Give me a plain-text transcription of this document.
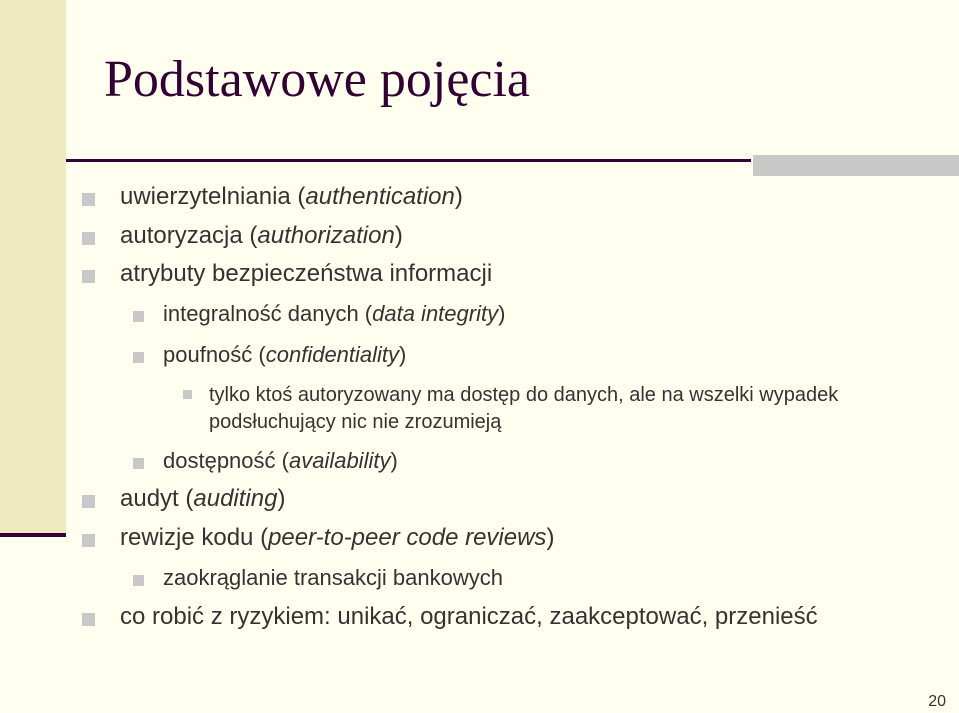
Podstawowe pojęcia
uwierzytelniania (authentication)
autoryzacja (authorization)
atrybuty bezpieczeństwa informacji
integralność danych (data integrity)
poufność (confidentiality)
tylko ktoś autoryzowany ma dostęp do danych, ale na wszelki wypadek podsłuchujący nic nie zrozumieją
dostępność (availability)
audyt (auditing)
rewizje kodu (peer-to-peer code reviews)
zaokrąglanie transakcji bankowych
co robić z ryzykiem: unikać, ograniczać, zaakceptować, przenieść
20
